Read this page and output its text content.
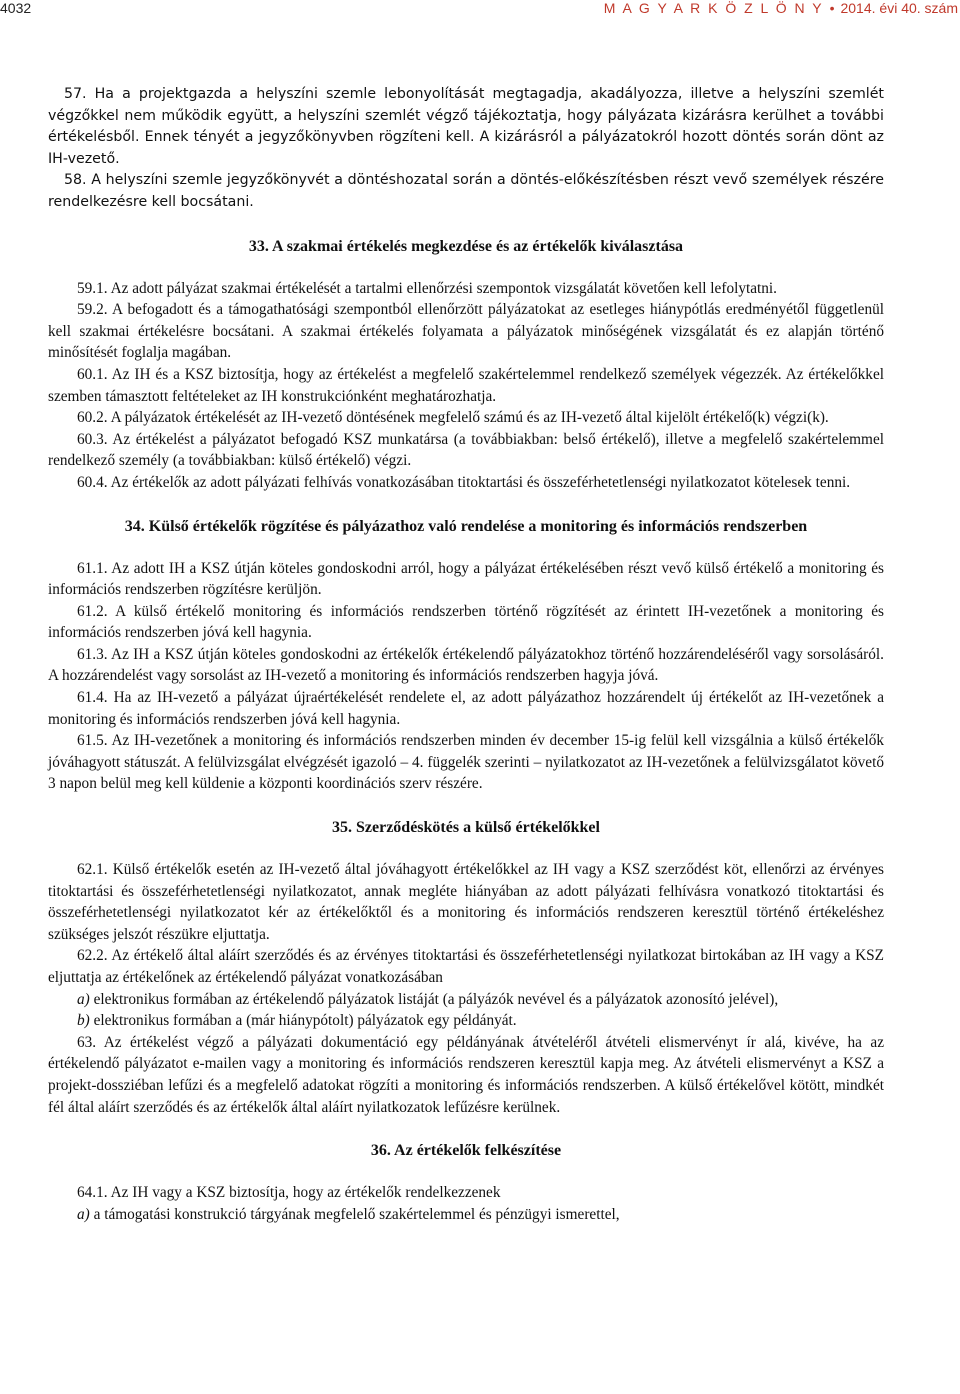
4032	M A G Y A R K Ö Z L Ö N Y • 2014. évi 40. szám

57. Ha a projektgazda a helyszíni szemle lebonyolítását megtagadja, akadályozza, illetve a helyszíni szemlét végzőkkel nem működik együtt, a helyszíni szemlét végző tájékoztatja, hogy pályázata kizárásra kerülhet a további értékelésből. Ennek tényét a jegyzőkönyvben rögzíteni kell. A kizárásról a pályázatokról hozott döntés során dönt az IH-vezető.

58. A helyszíni szemle jegyzőkönyvét a döntéshozatal során a döntés-előkészítésben részt vevő személyek részére rendelkezésre kell bocsátani.

33. A szakmai értékelés megkezdése és az értékelők kiválasztása

59.1. Az adott pályázat szakmai értékelését a tartalmi ellenőrzési szempontok vizsgálatát követően kell lefolytatni.

59.2. A befogadott és a támogathatósági szempontból ellenőrzött pályázatokat az esetleges hiánypótlás eredményétől függetlenül kell szakmai értékelésre bocsátani. A szakmai értékelés folyamata a pályázatok minőségének vizsgálatát és ez alapján történő minősítését foglalja magában.

60.1. Az IH és a KSZ biztosítja, hogy az értékelést a megfelelő szakértelemmel rendelkező személyek végezzék. Az értékelőkkel szemben támasztott feltételeket az IH konstrukciónként meghatározhatja.

60.2. A pályázatok értékelését az IH-vezető döntésének megfelelő számú és az IH-vezető által kijelölt értékelő(k) végzi(k).

60.3. Az értékelést a pályázatot befogadó KSZ munkatársa (a továbbiakban: belső értékelő), illetve a megfelelő szakértelemmel rendelkező személy (a továbbiakban: külső értékelő) végzi.

60.4. Az értékelők az adott pályázati felhívás vonatkozásában titoktartási és összeférhetetlenségi nyilatkozatot kötelesek tenni.

34. Külső értékelők rögzítése és pályázathoz való rendelése a monitoring és információs rendszerben

61.1. Az adott IH a KSZ útján köteles gondoskodni arról, hogy a pályázat értékelésében részt vevő külső értékelő a monitoring és információs rendszerben rögzítésre kerüljön.

61.2. A külső értékelő monitoring és információs rendszerben történő rögzítését az érintett IH-vezetőnek a monitoring és információs rendszerben jóvá kell hagynia.

61.3. Az IH a KSZ útján köteles gondoskodni az értékelők értékelendő pályázatokhoz történő hozzárendeléséről vagy sorsolásáról. A hozzárendelést vagy sorsolást az IH-vezető a monitoring és információs rendszerben hagyja jóvá.

61.4. Ha az IH-vezető a pályázat újraértékelését rendelete el, az adott pályázathoz hozzárendelt új értékelőt az IH-vezetőnek a monitoring és információs rendszerben jóvá kell hagynia.

61.5. Az IH-vezetőnek a monitoring és információs rendszerben minden év december 15-ig felül kell vizsgálnia a külső értékelők jóváhagyott státuszát. A felülvizsgálat elvégzését igazoló – 4. függelék szerinti – nyilatkozatot az IH-vezetőnek a felülvizsgálatot követő 3 napon belül meg kell küldenie a központi koordinációs szerv részére.

35. Szerződéskötés a külső értékelőkkel

62.1. Külső értékelők esetén az IH-vezető által jóváhagyott értékelőkkel az IH vagy a KSZ szerződést köt, ellenőrzi az érvényes titoktartási és összeférhetetlenségi nyilatkozatot, annak megléte hiányában az adott pályázati felhívásra vonatkozó titoktartási és összeférhetetlenségi nyilatkozatot kér az értékelőktől és a monitoring és információs rendszeren keresztül történő értékeléshez szükséges jelszót részükre eljuttatja.

62.2. Az értékelő által aláírt szerződés és az érvényes titoktartási és összeférhetetlenségi nyilatkozat birtokában az IH vagy a KSZ eljuttatja az értékelőnek az értékelendő pályázat vonatkozásában

a) elektronikus formában az értékelendő pályázatok listáját (a pályázók nevével és a pályázatok azonosító jelével),

b) elektronikus formában a (már hiánypótolt) pályázatok egy példányát.

63. Az értékelést végző a pályázati dokumentáció egy példányának átvételéről átvételi elismervényt ír alá, kivéve, ha az értékelendő pályázatot e-mailen vagy a monitoring és információs rendszeren keresztül kapja meg. Az átvételi elismervényt a KSZ a projekt-dossziéban lefűzi és a megfelelő adatokat rögzíti a monitoring és információs rendszerben. A külső értékelővel kötött, mindkét fél által aláírt szerződés és az értékelők által aláírt nyilatkozatok lefűzésre kerülnek.

36. Az értékelők felkészítése

64.1. Az IH vagy a KSZ biztosítja, hogy az értékelők rendelkezzenek

a) a támogatási konstrukció tárgyának megfelelő szakértelemmel és pénzügyi ismerettel,
